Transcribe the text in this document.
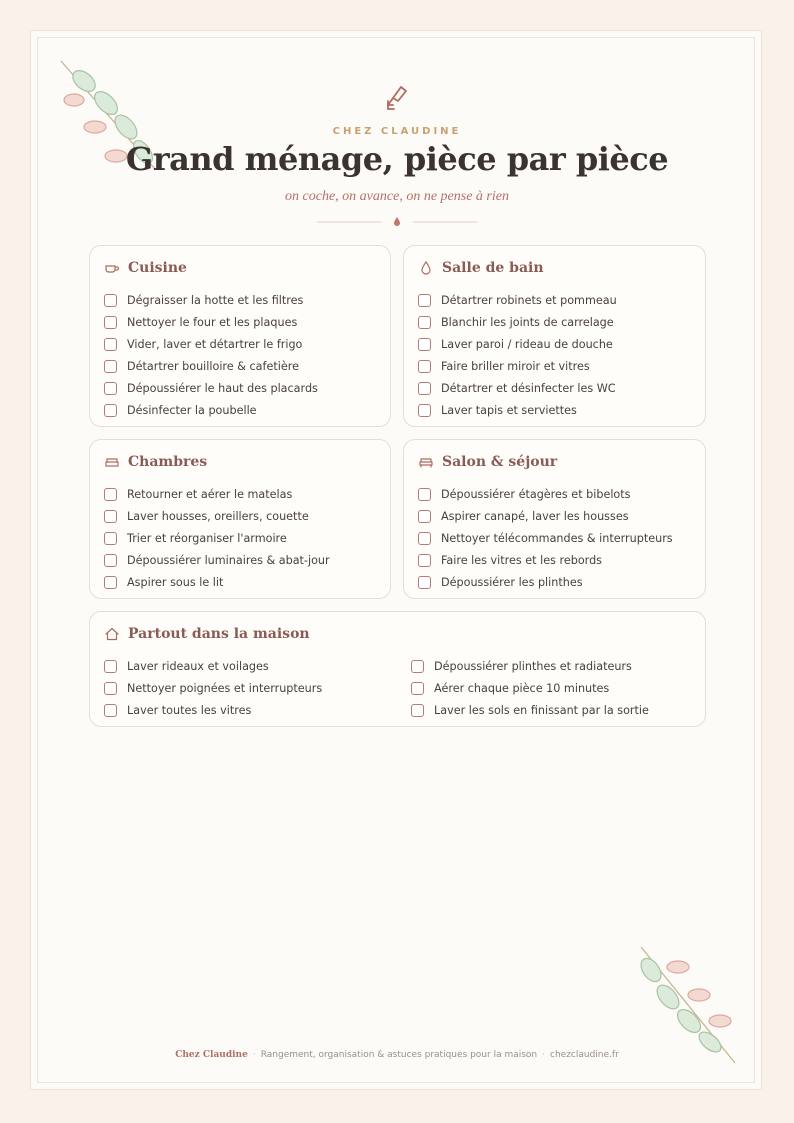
CHEZ CLAUDINE
Grand ménage, pièce par pièce
on coche, on avance, on ne pense à rien
Cuisine
Dégraisser la hotte et les filtres
Nettoyer le four et les plaques
Vider, laver et détartrer le frigo
Détartrer bouilloire & cafetière
Dépoussiérer le haut des placards
Désinfecter la poubelle
Salle de bain
Détartrer robinets et pommeau
Blanchir les joints de carrelage
Laver paroi / rideau de douche
Faire briller miroir et vitres
Détartrer et désinfecter les WC
Laver tapis et serviettes
Chambres
Retourner et aérer le matelas
Laver housses, oreillers, couette
Trier et réorganiser l'armoire
Dépoussiérer luminaires & abat-jour
Aspirer sous le lit
Salon & séjour
Dépoussiérer étagères et bibelots
Aspirer canapé, laver les housses
Nettoyer télécommandes & interrupteurs
Faire les vitres et les rebords
Dépoussiérer les plinthes
Partout dans la maison
Laver rideaux et voilages
Nettoyer poignées et interrupteurs
Laver toutes les vitres
Dépoussiérer plinthes et radiateurs
Aérer chaque pièce 10 minutes
Laver les sols en finissant par la sortie
Chez Claudine · Rangement, organisation & astuces pratiques pour la maison · chezclaudine.fr
